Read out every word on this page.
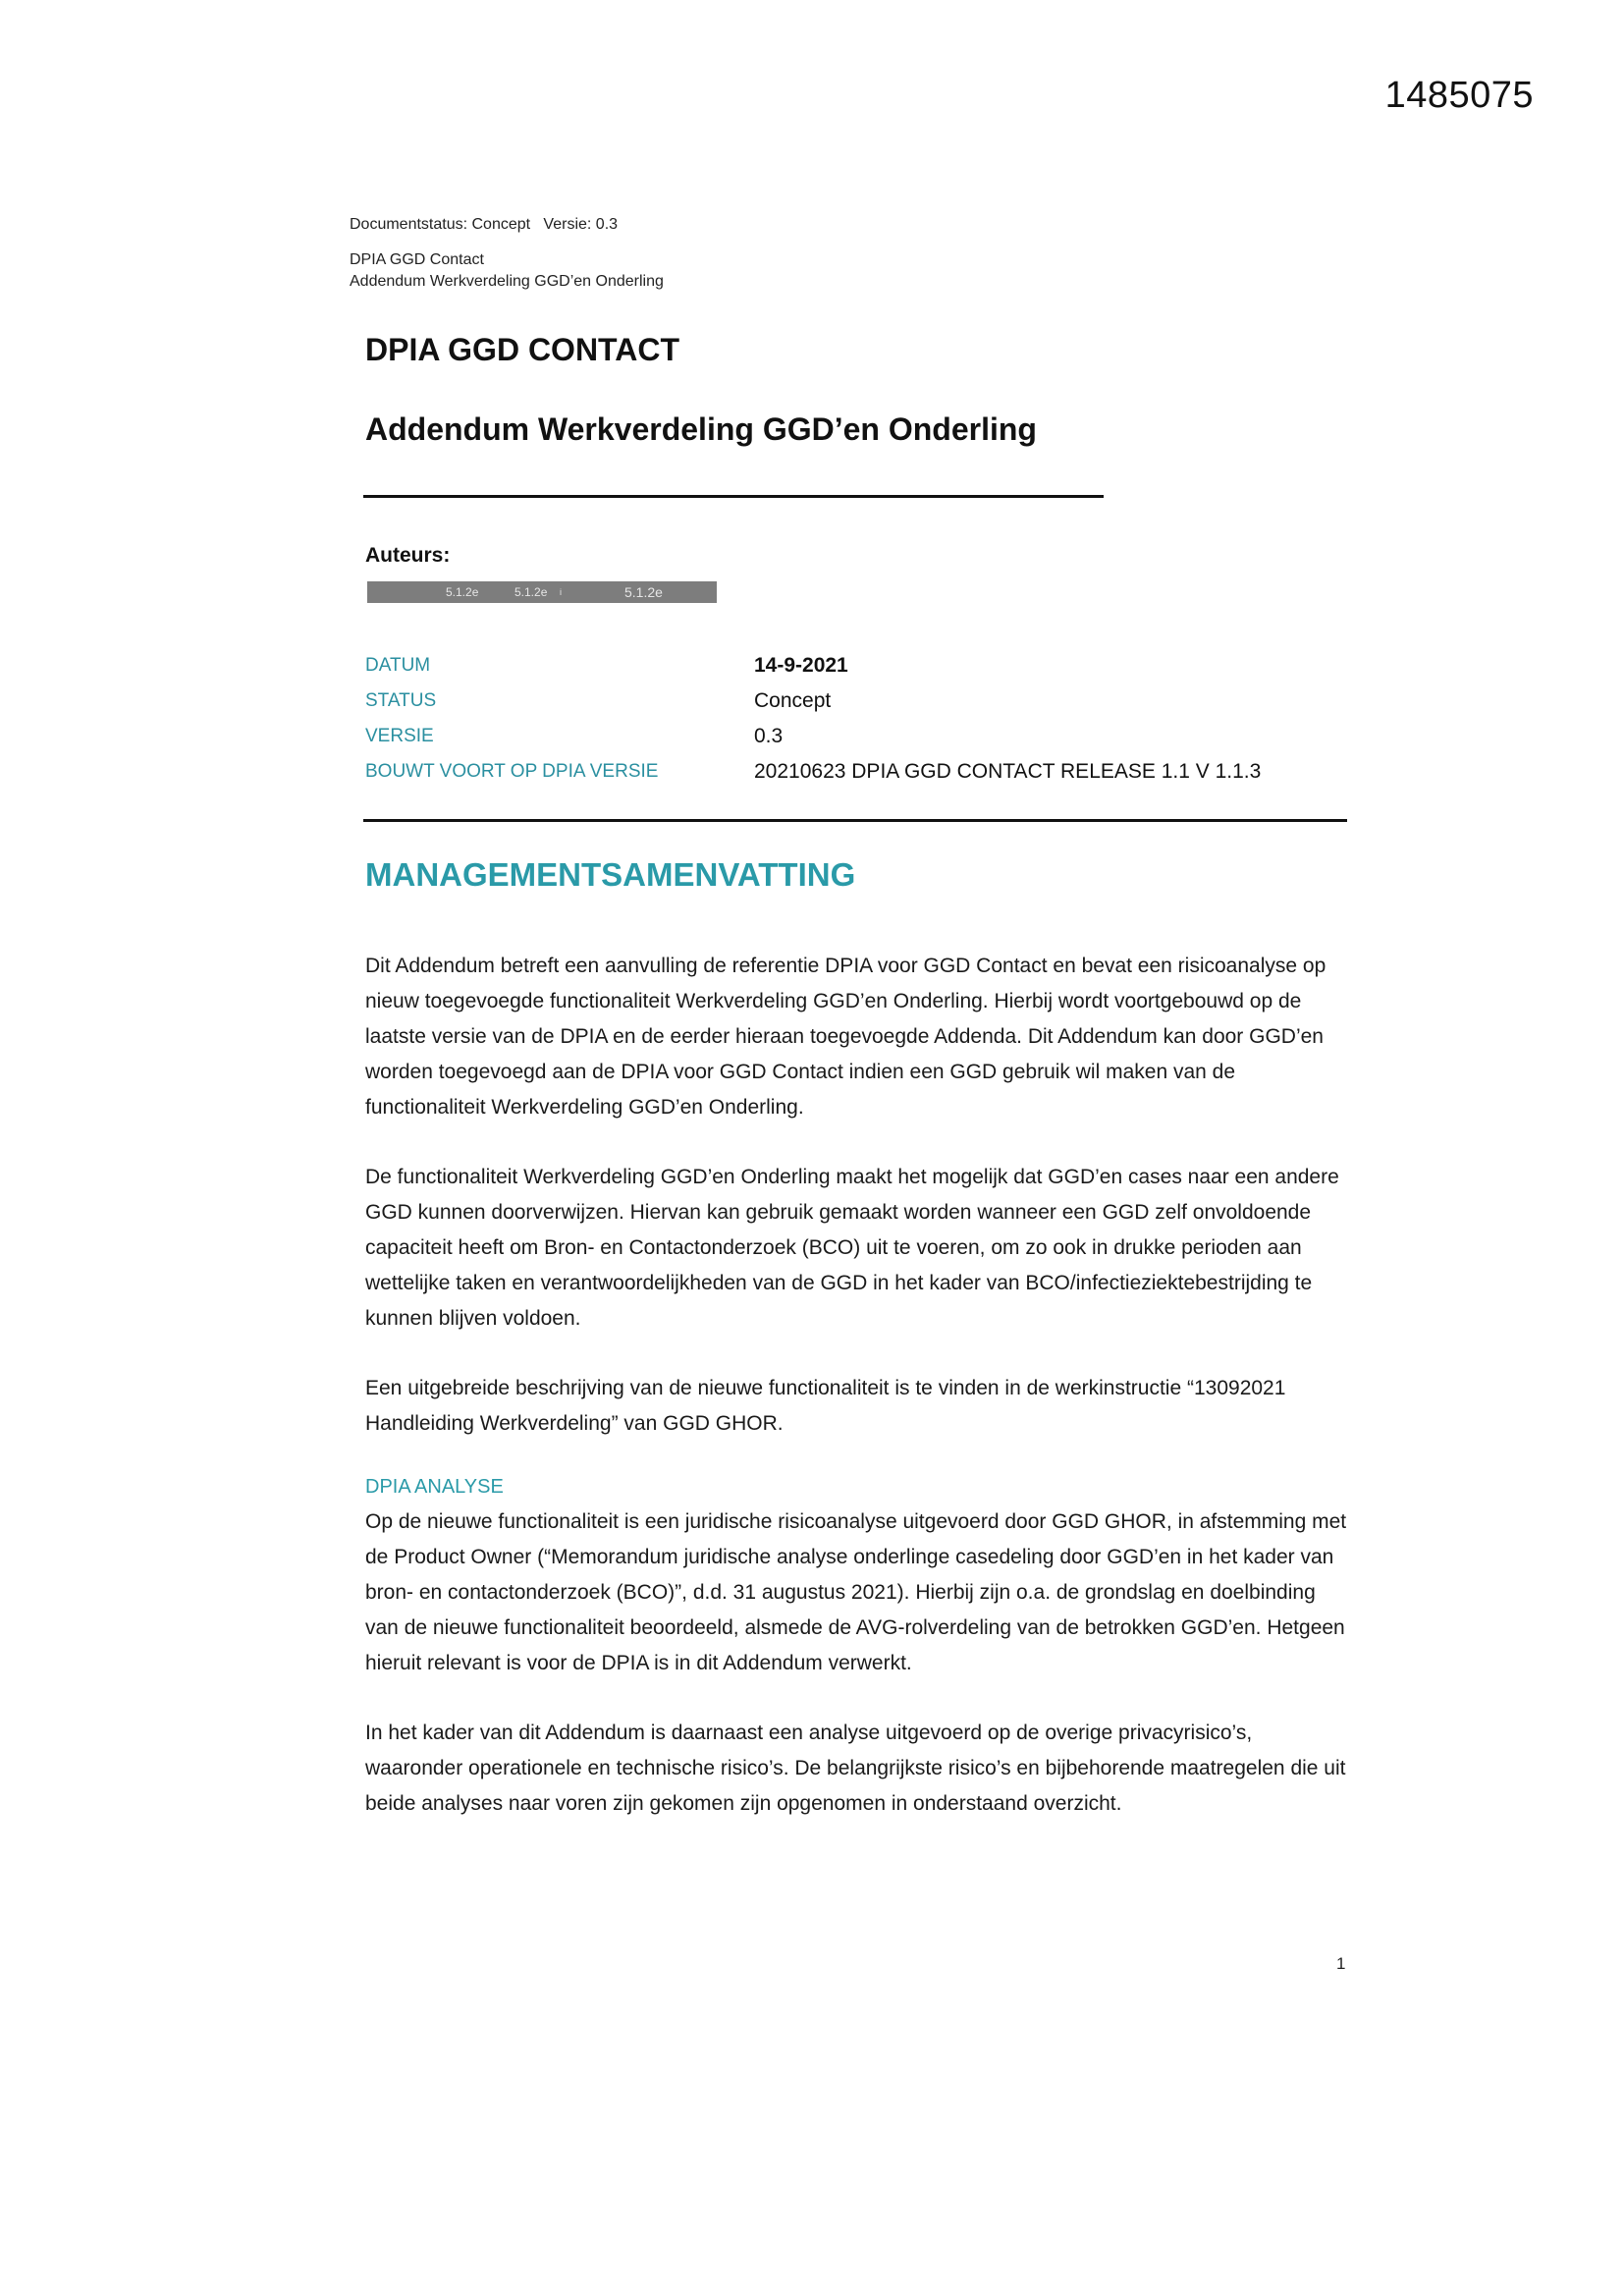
1485075
Documentstatus: Concept   Versie: 0.3
DPIA GGD Contact
Addendum Werkverdeling GGD’en Onderling
DPIA GGD CONTACT
Addendum Werkverdeling GGD’en Onderling
Auteurs:
5.1.2e	5.1.2e i	5.1.2e
DATUM	14-9-2021
STATUS	Concept
VERSIE	0.3
BOUWT VOORT OP DPIA VERSIE	20210623 DPIA GGD CONTACT RELEASE 1.1 V 1.1.3
MANAGEMENTSAMENVATTING

Dit Addendum betreft een aanvulling de referentie DPIA voor GGD Contact en bevat een risicoanalyse op nieuw toegevoegde functionaliteit Werkverdeling GGD’en Onderling. Hierbij wordt voortgebouwd op de laatste versie van de DPIA en de eerder hieraan toegevoegde Addenda. Dit Addendum kan door GGD’en worden toegevoegd aan de DPIA voor GGD Contact indien een GGD gebruik wil maken van de functionaliteit Werkverdeling GGD’en Onderling.

De functionaliteit Werkverdeling GGD’en Onderling maakt het mogelijk dat GGD’en cases naar een andere GGD kunnen doorverwijzen. Hiervan kan gebruik gemaakt worden wanneer een GGD zelf onvoldoende capaciteit heeft om Bron- en Contactonderzoek (BCO) uit te voeren, om zo ook in drukke perioden aan wettelijke taken en verantwoordelijkheden van de GGD in het kader van BCO/infectieziektebestrijding te kunnen blijven voldoen.

Een uitgebreide beschrijving van de nieuwe functionaliteit is te vinden in de werkinstructie “13092021 Handleiding Werkverdeling” van GGD GHOR.

DPIA ANALYSE

Op de nieuwe functionaliteit is een juridische risicoanalyse uitgevoerd door GGD GHOR, in afstemming met de Product Owner (“Memorandum juridische analyse onderlinge casedeling door GGD’en in het kader van bron- en contactonderzoek (BCO)”, d.d. 31 augustus 2021). Hierbij zijn o.a. de grondslag en doelbinding van de nieuwe functionaliteit beoordeeld, alsmede de AVG-rolverdeling van de betrokken GGD’en. Hetgeen hieruit relevant is voor de DPIA is in dit Addendum verwerkt.

In het kader van dit Addendum is daarnaast een analyse uitgevoerd op de overige privacyrisico’s, waaronder operationele en technische risico’s. De belangrijkste risico’s en bijbehorende maatregelen die uit beide analyses naar voren zijn gekomen zijn opgenomen in onderstaand overzicht.

1
